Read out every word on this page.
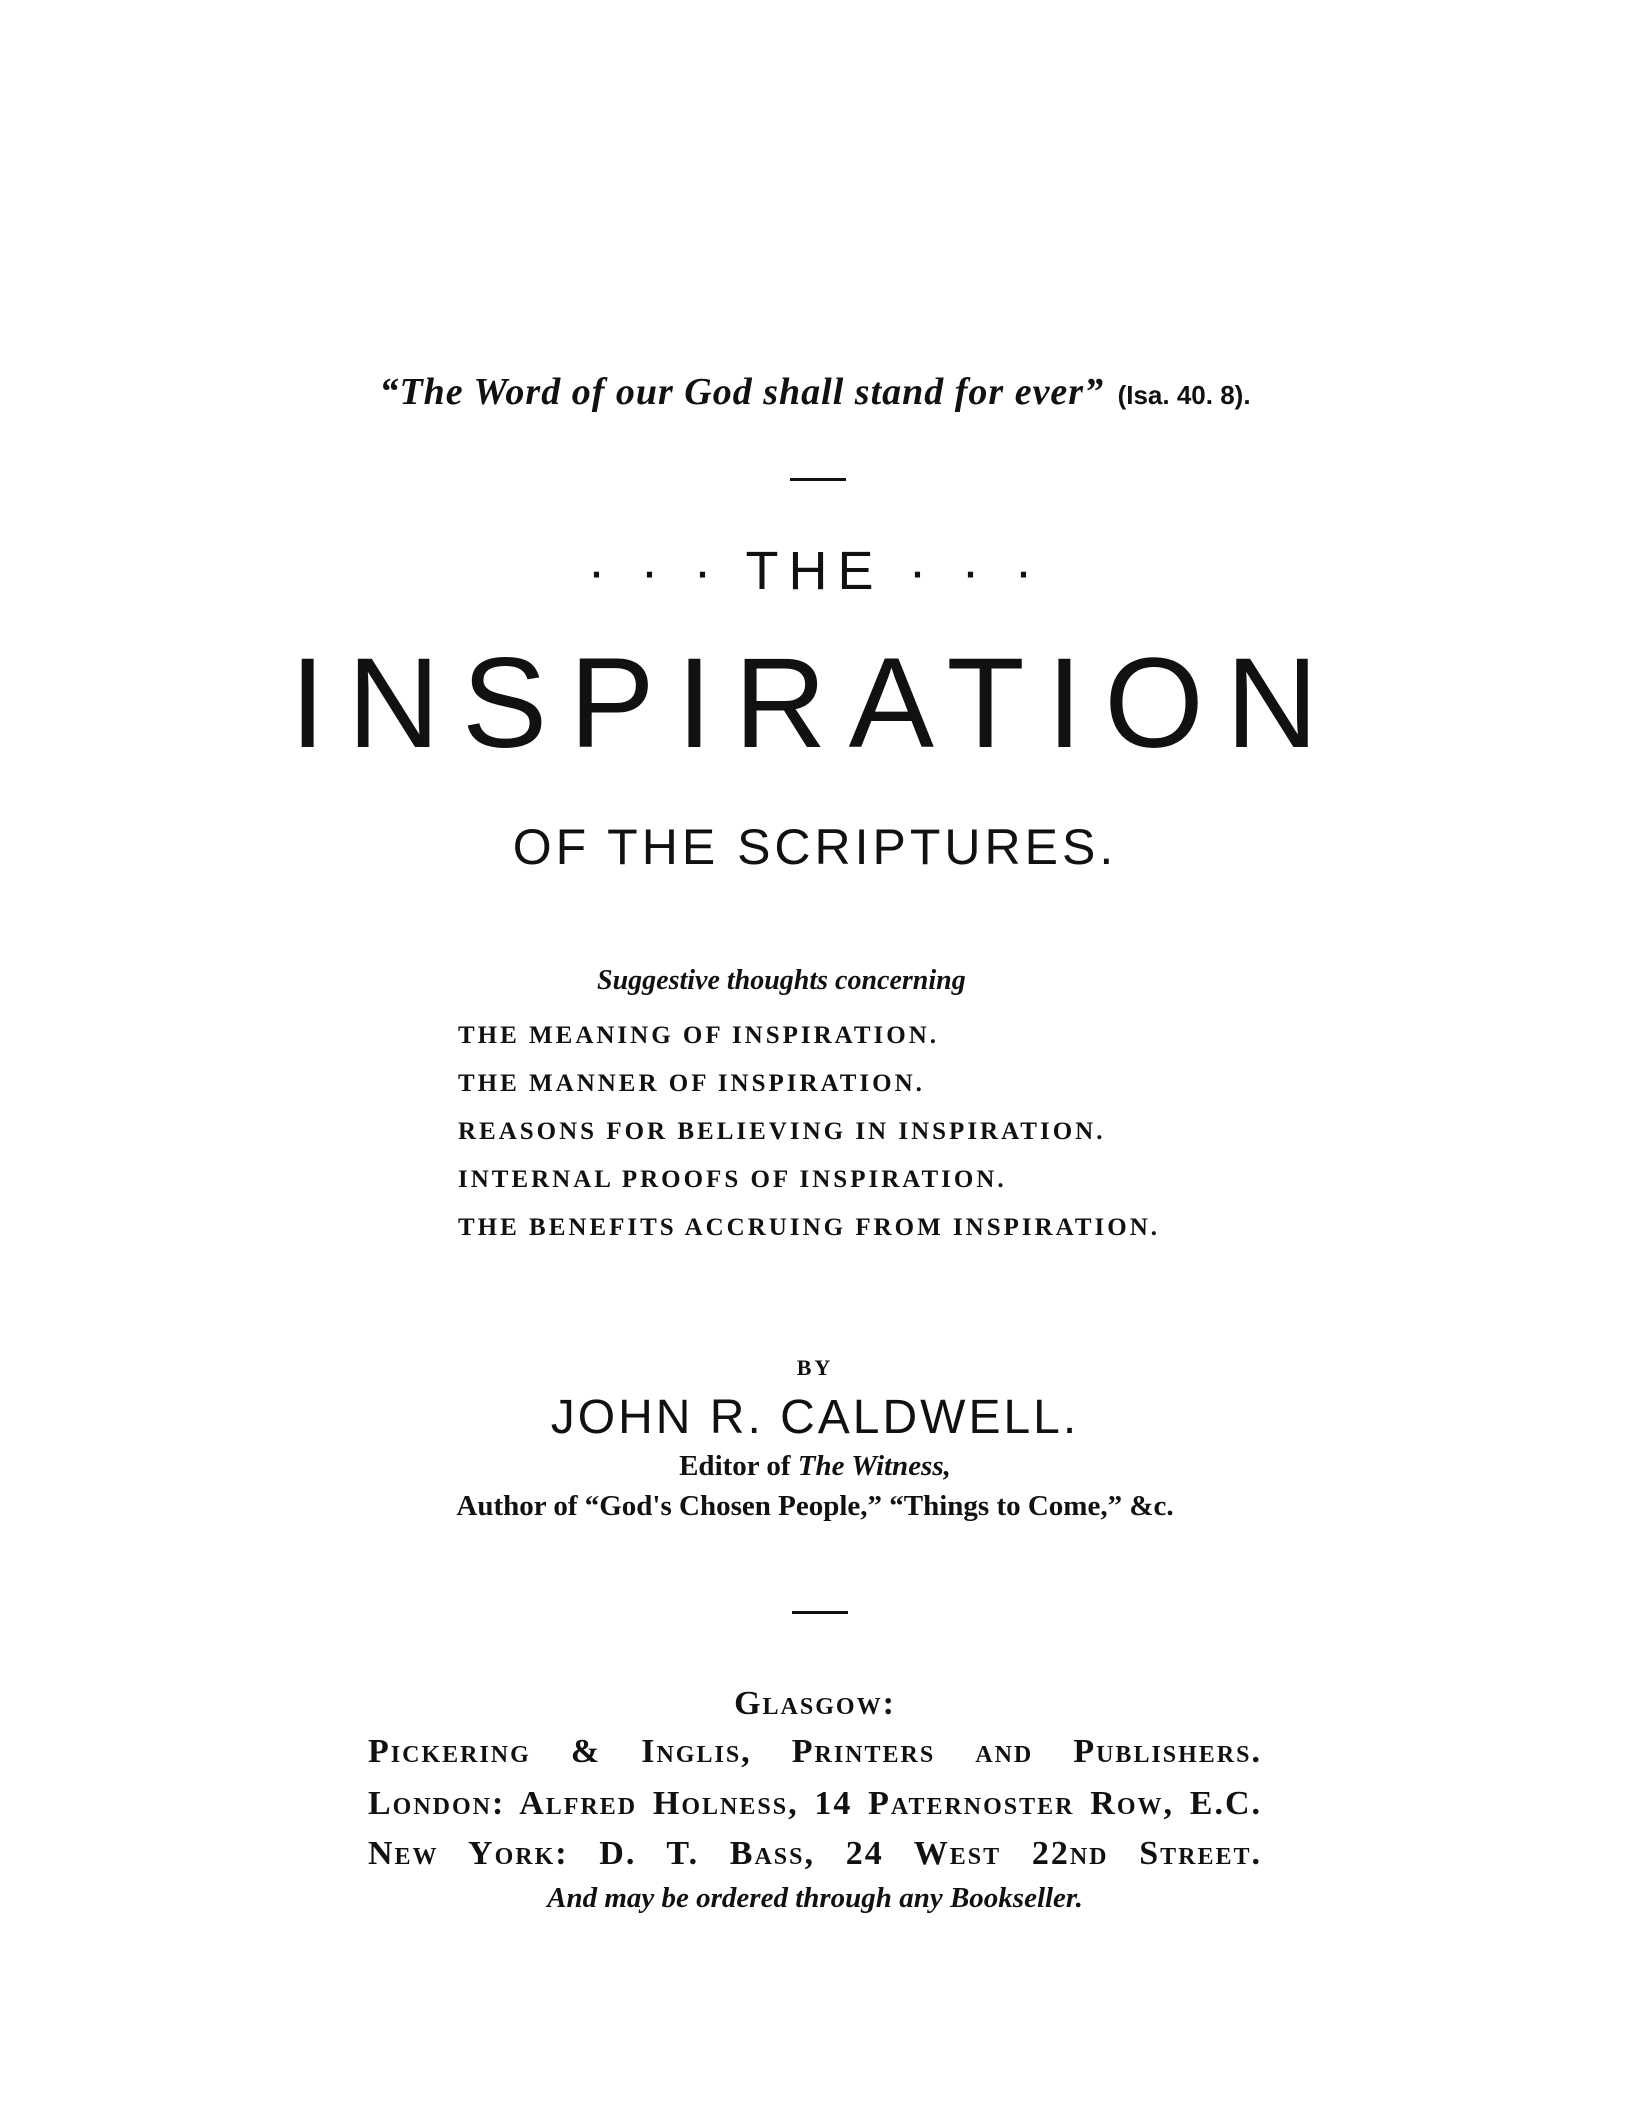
“The Word of our God shall stand for ever” (Isa. 40. 8).
· · · THE · · ·
INSPIRATION
OF THE SCRIPTURES.
Suggestive thoughts concerning
THE MEANING OF INSPIRATION.
THE MANNER OF INSPIRATION.
REASONS FOR BELIEVING IN INSPIRATION.
INTERNAL PROOFS OF INSPIRATION.
THE BENEFITS ACCRUING FROM INSPIRATION.
BY
JOHN R. CALDWELL.
Editor of The Witness,
Author of “God's Chosen People,” “Things to Come,” &c.
Glasgow:
Pickering & Inglis, Printers and Publishers.
London: Alfred Holness, 14 Paternoster Row, E.C.
New York: D. T. Bass, 24 West 22nd Street.
And may be ordered through any Bookseller.
